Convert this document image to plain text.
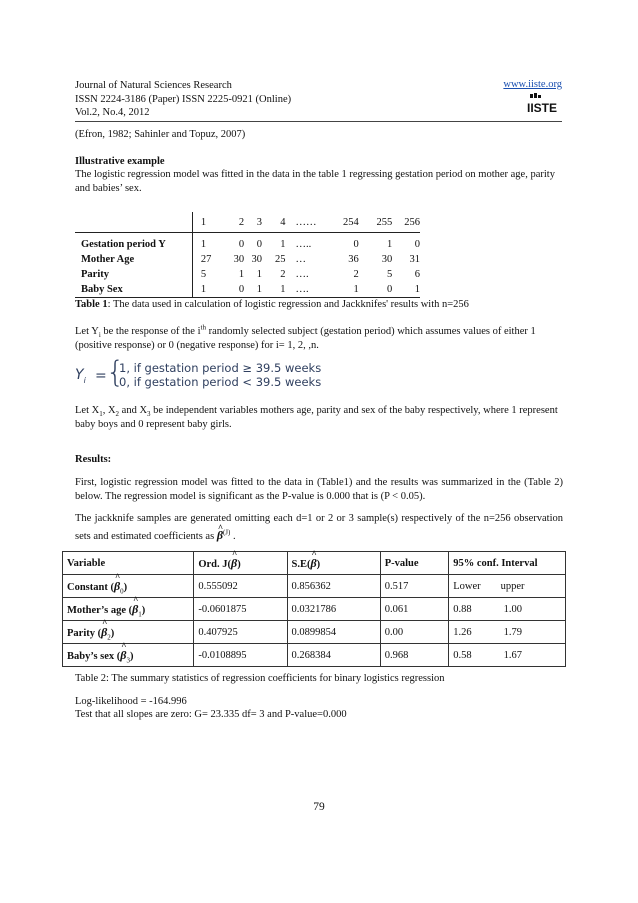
Journal of Natural Sciences Research
ISSN 2224-3186 (Paper) ISSN 2225-0921 (Online)
Vol.2, No.4, 2012
www.iiste.org
IISTE
(Efron, 1982; Sahinler and Topuz, 2007)
Illustrative example
The logistic regression model was fitted in the data in the table 1 regressing gestation period on mother age, parity and babies’ sex.
		1	2	3	4	……	254	255	256
Gestation period Y		1	0	0	1	…..	0	1	0
Mother Age		27	30	30	25	…	36	30	31
Parity		5	1	1	2	….	2	5	6
Baby Sex		1	0	1	1	….	1	0	1
Table 1: The data used in calculation of logistic regression and Jackknifes' results with n=256
Let $Y_i$ be the response of the $i^{th}$ randomly selected subject (gestation period) which assumes values of either 1 (positive response) or 0 (negative response) for i= 1, 2, ,n.
$Y_i$ = {
1, if gestation period ≥ 39.5 weeks
0, if gestation period < 39.5 weeks
Let $X_1$, $X_2$ and $X_3$ be independent variables mothers age, parity and sex of the baby respectively, where 1 represent baby boys and 0 represent baby girls.
Results:
First, logistic regression model was fitted to the data in (Table1) and the results was summarized in the (Table 2) below. The regression model is significant as the P-value is 0.000 that is (P < 0.05).
The jackknife samples are generated omitting each d=1 or 2 or 3 sample(s) respectively of the n=256 observation sets and estimated coefficients as ^ $\beta^{(J)}$ .
Variable	Ord. J(^ β)	S.E(^ β)	P-value	95% conf. Interval
Constant (^ $\beta_0$)	0.555092	0.856362	0.517	Lower upper
Mother’s age (^ $\beta_1$)	-0.0601875	0.0321786	0.061	0.88 1.00
Parity (^ $\beta_2$)	0.407925	0.0899854	0.00	1.26 1.79
Baby’s sex (^ $\beta_3$)	-0.0108895	0.268384	0.968	0.58 1.67
Table 2: The summary statistics of regression coefficients for binary logistics regression
Log-likelihood = -164.996
Test that all slopes are zero: G= 23.335 df= 3 and P-value=0.000
79
